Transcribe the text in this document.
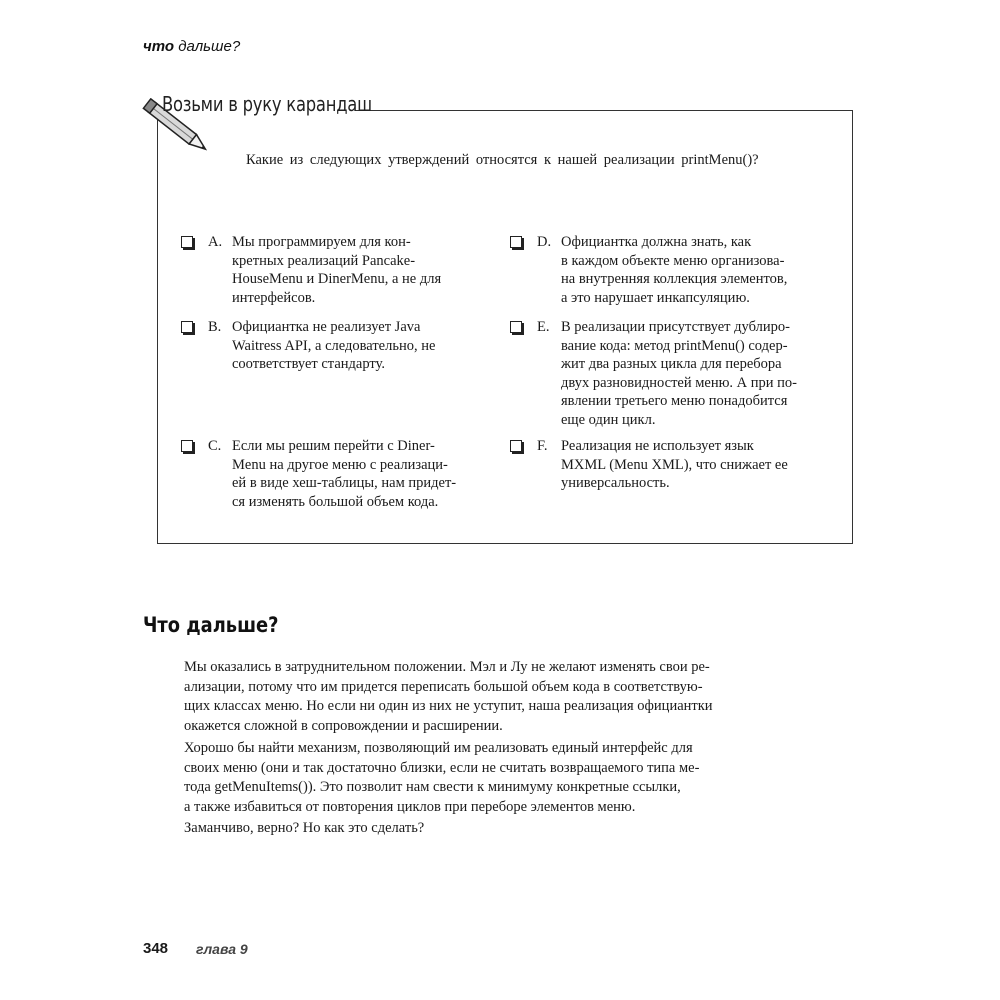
что дальше?
Возьми в руку карандаш
Какие из следующих утверждений относятся к нашей реализации printMenu()?
A. Мы программируем для кон-
кретных реализаций Pancake-
HouseMenu и DinerMenu, а не для
интерфейсов.
B. Официантка не реализует Java
Waitress API, а следовательно, не
соответствует стандарту.
C. Если мы решим перейти с Diner-
Menu на другое меню с реализаци-
ей в виде хеш-таблицы, нам придет-
ся изменять большой объем кода.
D. Официантка должна знать, как
в каждом объекте меню организова-
на внутренняя коллекция элементов,
а это нарушает инкапсуляцию.
E. В реализации присутствует дублиро-
вание кода: метод printMenu() содер-
жит два разных цикла для перебора
двух разновидностей меню. А при по-
явлении третьего меню понадобится
еще один цикл.
F. Реализация не использует язык
MXML (Menu XML), что снижает ее
универсальность.
Что дальше?
Мы оказались в затруднительном положении. Мэл и Лу не желают изменять свои ре-
ализации, потому что им придется переписать большой объем кода в соответствую-
щих классах меню. Но если ни один из них не уступит, наша реализация официантки
окажется сложной в сопровождении и расширении.
Хорошо бы найти механизм, позволяющий им реализовать единый интерфейс для
своих меню (они и так достаточно близки, если не считать возвращаемого типа ме-
тода getMenuItems()). Это позволит нам свести к минимуму конкретные ссылки,
а также избавиться от повторения циклов при переборе элементов меню.
Заманчиво, верно? Но как это сделать?
348 глава 9
